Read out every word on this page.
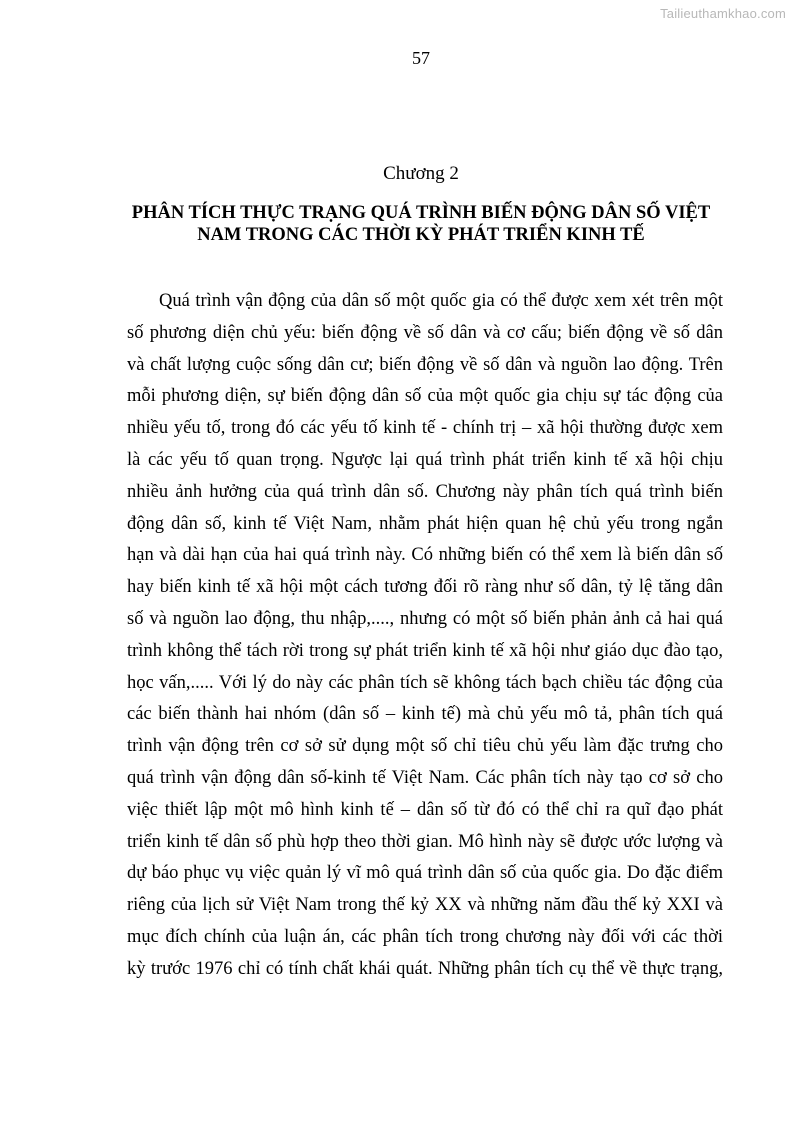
Tailieuthamkhao.com
57
Chương 2
PHÂN TÍCH THỰC TRẠNG QUÁ TRÌNH BIẾN ĐỘNG DÂN SỐ VIỆT
NAM TRONG CÁC THỜI KỲ PHÁT TRIỂN KINH TẾ

Quá trình vận động của dân số một quốc gia có thể được xem xét trên một
số phương diện chủ yếu: biến động về số dân và cơ cấu; biến động về số dân
và chất lượng cuộc sống dân cư; biến động về số dân và nguồn lao động. Trên
mỗi phương diện, sự biến động dân số của một quốc gia chịu sự tác động của
nhiều yếu tố, trong đó các yếu tố kinh tế - chính trị – xã hội thường được xem
là các yếu tố quan trọng. Ngược lại quá trình phát triển kinh tế xã hội chịu
nhiều ảnh hưởng của quá trình dân số. Chương này phân tích quá trình biến
động dân số, kinh tế Việt Nam, nhằm phát hiện quan hệ chủ yếu trong ngắn
hạn và dài hạn của hai quá trình này. Có những biến có thể xem là biến dân số
hay biến kinh tế xã hội một cách tương đối rõ ràng như số dân, tỷ lệ tăng dân
số và nguồn lao động, thu nhập,...., nhưng có một số biến phản ảnh cả hai quá
trình không thể tách rời trong sự phát triển kinh tế xã hội như giáo dục đào tạo,
học vấn,..... Với lý do này các phân tích sẽ không tách bạch chiều tác động của
các biến thành hai nhóm (dân số – kinh tế) mà chủ yếu mô tả, phân tích quá
trình vận động trên cơ sở sử dụng một số chỉ tiêu chủ yếu làm đặc trưng cho
quá trình vận động dân số-kinh tế Việt Nam. Các phân tích này tạo cơ sở cho
việc thiết lập một mô hình kinh tế – dân số từ đó có thể chỉ ra quĩ đạo phát
triển kinh tế dân số phù hợp theo thời gian. Mô hình này sẽ được ước lượng và
dự báo phục vụ việc quản lý vĩ mô quá trình dân số của quốc gia. Do đặc điểm
riêng của lịch sử Việt Nam trong thế kỷ XX và những năm đầu thế kỷ XXI và
mục đích chính của luận án, các phân tích trong chương này đối với các thời
kỳ trước 1976 chỉ có tính chất khái quát. Những phân tích cụ thể về thực trạng,
